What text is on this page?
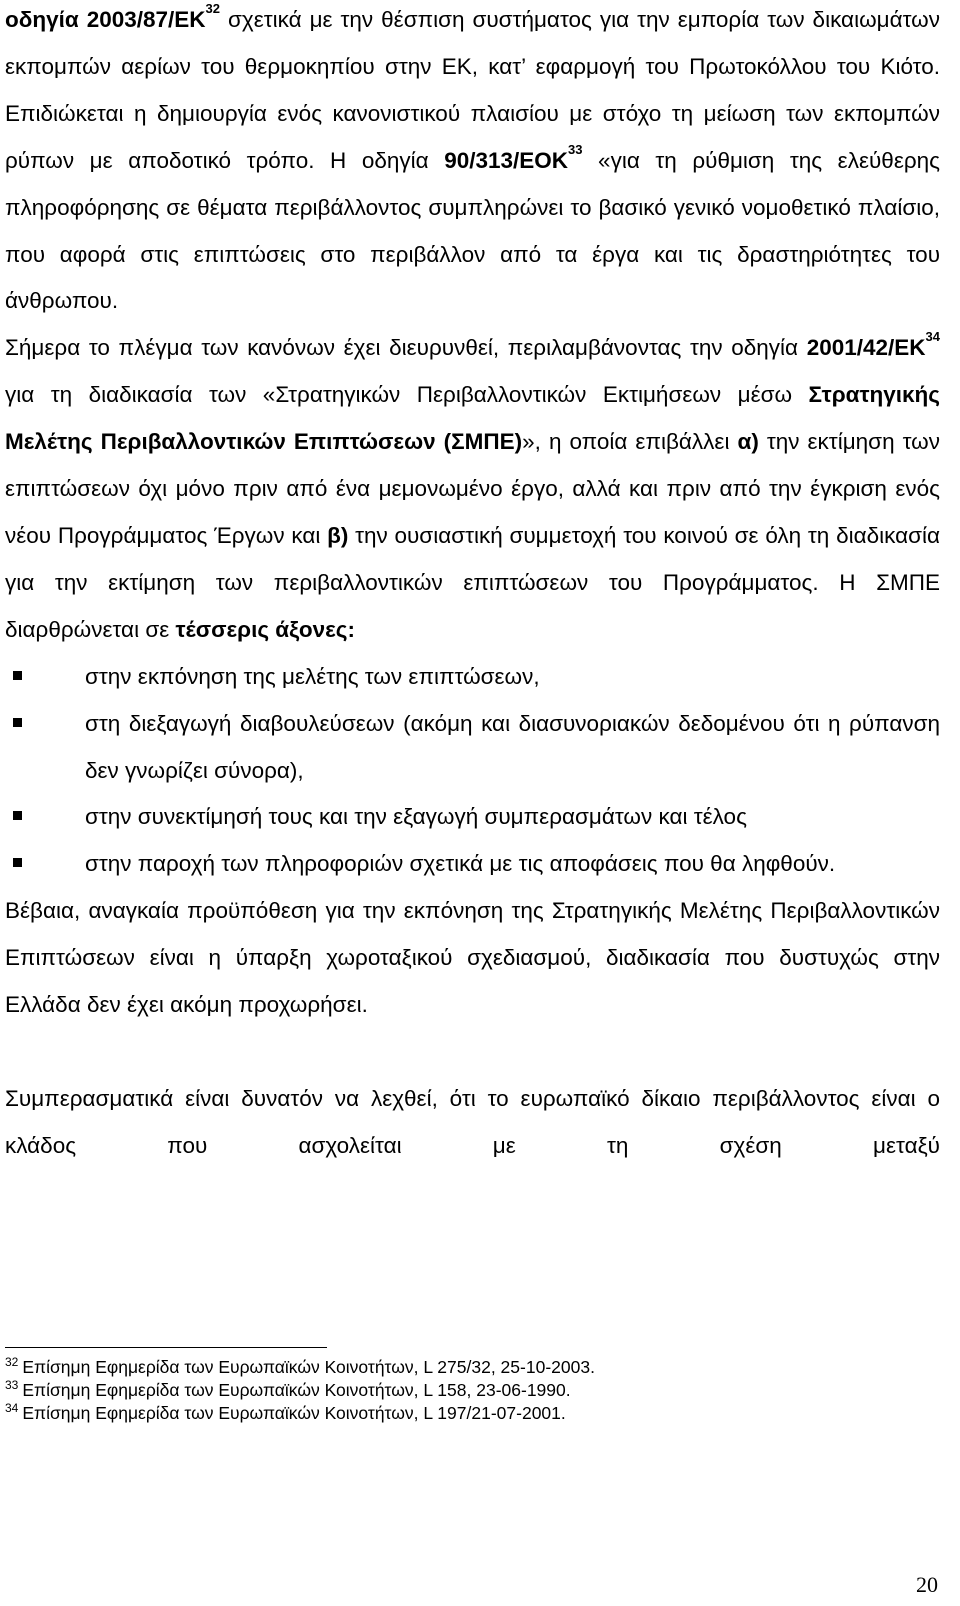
οδηγία 2003/87/ΕΚ$^{32}$ σχετικά με την θέσπιση συστήματος για την εμπορία των δικαιωμάτων εκπομπών αερίων του θερμοκηπίου στην ΕΚ, κατ’ εφαρμογή του Πρωτοκόλλου του Κιότο. Επιδιώκεται η δημιουργία ενός κανονιστικού πλαισίου με στόχο τη μείωση των εκπομπών ρύπων με αποδοτικό τρόπο. Η οδηγία 90/313/ΕΟΚ$^{33}$ «για τη ρύθμιση της ελεύθερης πληροφόρησης σε θέματα περιβάλλοντος συμπληρώνει το βασικό γενικό νομοθετικό πλαίσιο, που αφορά στις επιπτώσεις στο περιβάλλον από τα έργα και τις δραστηριότητες του άνθρωπου.

Σήμερα το πλέγμα των κανόνων έχει διευρυνθεί, περιλαμβάνοντας την οδηγία 2001/42/ΕΚ$^{34}$ για τη διαδικασία των «Στρατηγικών Περιβαλλοντικών Εκτιμήσεων μέσω Στρατηγικής Μελέτης Περιβαλλοντικών Επιπτώσεων (ΣΜΠΕ)», η οποία επιβάλλει α) την εκτίμηση των επιπτώσεων όχι μόνο πριν από ένα μεμονωμένο έργο, αλλά και πριν από την έγκριση ενός νέου Προγράμματος Έργων και β) την ουσιαστική συμμετοχή του κοινού σε όλη τη διαδικασία για την εκτίμηση των περιβαλλοντικών επιπτώσεων του Προγράμματος. Η ΣΜΠΕ διαρθρώνεται σε τέσσερις άξονες:

στην εκπόνηση της μελέτης των επιπτώσεων,
στη διεξαγωγή διαβουλεύσεων (ακόμη και διασυνοριακών δεδομένου ότι η ρύπανση δεν γνωρίζει σύνορα),
στην συνεκτίμησή τους και την εξαγωγή συμπερασμάτων και τέλος
στην παροχή των πληροφοριών σχετικά με τις αποφάσεις που θα ληφθούν.

Βέβαια, αναγκαία προϋπόθεση για την εκπόνηση της Στρατηγικής Μελέτης Περιβαλλοντικών Επιπτώσεων είναι η ύπαρξη χωροταξικού σχεδιασμού, διαδικασία που δυστυχώς στην Ελλάδα δεν έχει ακόμη προχωρήσει.

Συμπερασματικά είναι δυνατόν να λεχθεί, ότι το ευρωπαϊκό δίκαιο περιβάλλοντος είναι ο κλάδος που ασχολείται με τη σχέση μεταξύ

$^{32}$ Επίσημη Εφημερίδα των Ευρωπαϊκών Κοινοτήτων, L 275/32, 25-10-2003.
$^{33}$ Επίσημη Εφημερίδα των Ευρωπαϊκών Κοινοτήτων, L 158, 23-06-1990.
$^{34}$ Επίσημη Εφημερίδα των Ευρωπαϊκών Κοινοτήτων, L 197/21-07-2001.
20
